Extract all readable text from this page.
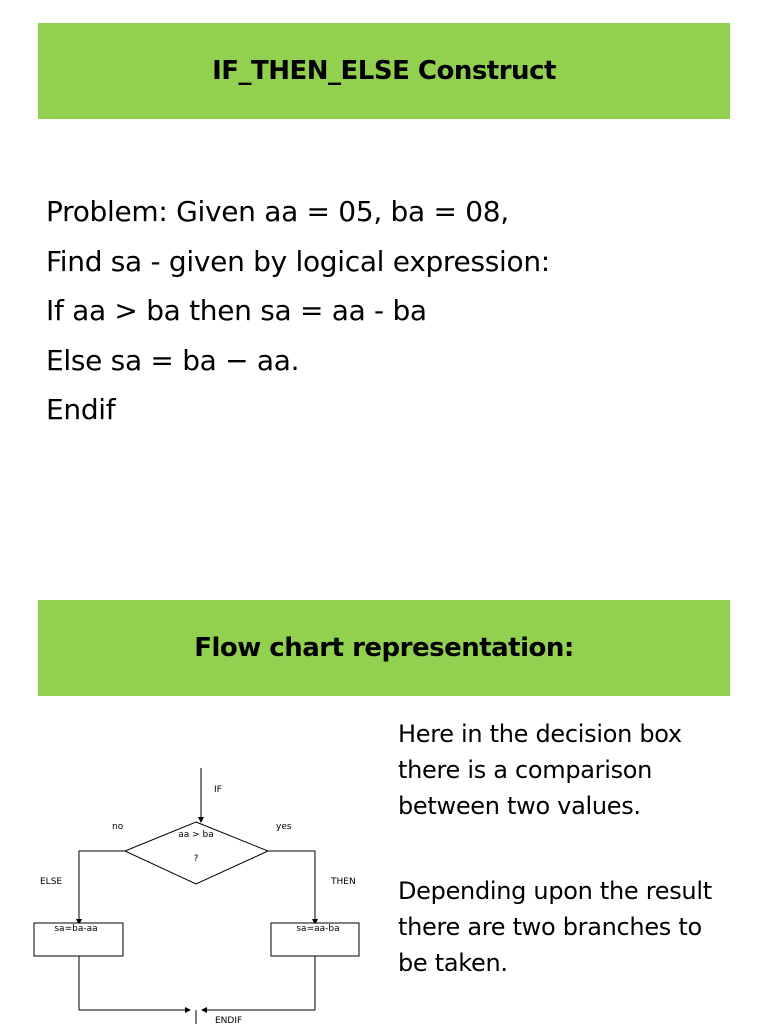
IF_THEN_ELSE Construct
Problem: Given aa = 05, ba = 08,
Find sa - given by logical expression:
If aa > ba then sa = aa - ba
Else sa = ba − aa.
Endif
Flow chart representation:
IF
aa > ba
?
no	yes
ELSE	THEN
sa=ba-aa	sa=aa-ba
ENDIF
Here in the decision box there is a comparison between two values.
Depending upon the result there are two branches to be taken.
